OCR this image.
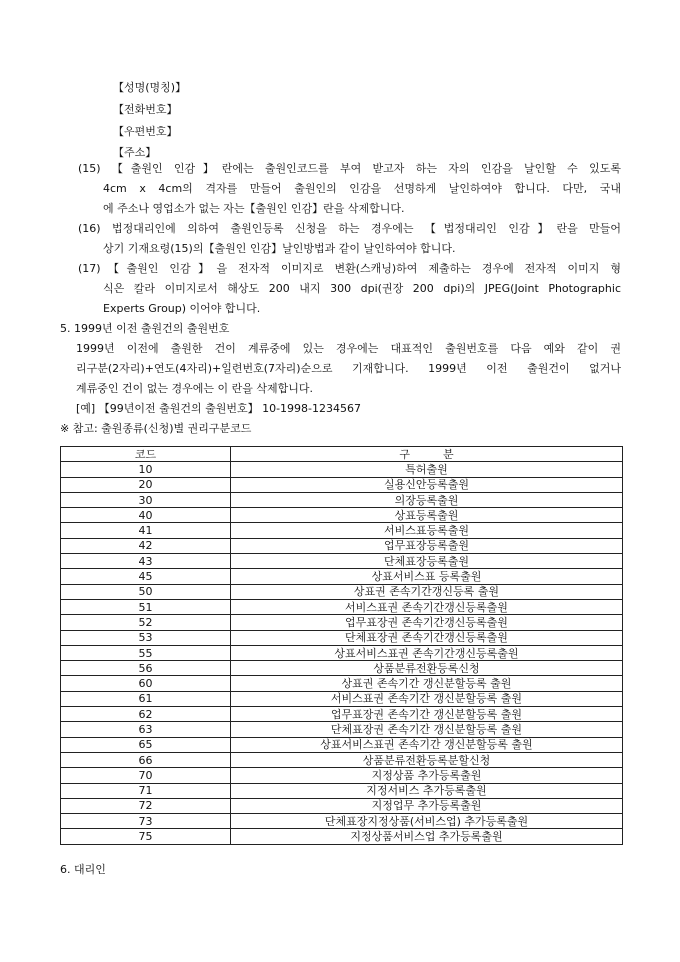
【성명(명칭)】
【전화번호】
【우편번호】
【주소】
(15) 【출원인 인감】란에는 출원인코드를 부여 받고자 하는 자의 인감을 날인할 수 있도록
4cm x 4cm의 격자를 만들어 출원인의 인감을 선명하게 날인하여야 합니다. 다만, 국내
에 주소나 영업소가 없는 자는【출원인 인감】란을 삭제합니다.
(16) 법정대리인에 의하여 출원인등록 신청을 하는 경우에는 【법정대리인 인감】란을 만들어
상기 기재요령(15)의【출원인 인감】날인방법과 같이 날인하여야 합니다.
(17)【출원인 인감】을 전자적 이미지로 변환(스캐닝)하여 제출하는 경우에 전자적 이미지 형
식은 칼라 이미지로서 해상도 200 내지 300 dpi(권장 200 dpi)의 JPEG(Joint Photographic
Experts Group) 이어야 합니다.
5. 1999년 이전 출원건의 출원번호
1999년 이전에 출원한 건이 계류중에 있는 경우에는 대표적인 출원번호를 다음 예와 같이 권
리구분(2자리)+연도(4자리)+일련번호(7자리)순으로 기재합니다. 1999년 이전 출원건이 없거나
계류중인 건이 없는 경우에는 이 란을 삭제합니다.
[예] 【99년이전 출원건의 출원번호】 10-1998-1234567
※ 참고: 출원종류(신청)별 권리구분코드
코드	구　　　분
10	특허출원
20	실용신안등록출원
30	의장등록출원
40	상표등록출원
41	서비스표등록출원
42	업무표장등록출원
43	단체표장등록출원
45	상표서비스표 등록출원
50	상표권 존속기간갱신등록 출원
51	서비스표권 존속기간갱신등록출원
52	업무표장권 존속기간갱신등록출원
53	단체표장권 존속기간갱신등록출원
55	상표서비스표권 존속기간갱신등록출원
56	상품분류전환등록신청
60	상표권 존속기간 갱신분할등록 출원
61	서비스표권 존속기간 갱신분할등록 출원
62	업무표장권 존속기간 갱신분할등록 출원
63	단체표장권 존속기간 갱신분할등록 출원
65	상표서비스표권 존속기간 갱신분할등록 출원
66	상품분류전환등록분할신청
70	지정상품 추가등록출원
71	지정서비스 추가등록출원
72	지정업무 추가등록출원
73	단체표장지정상품(서비스업) 추가등록출원
75	지정상품서비스업 추가등록출원
6. 대리인
